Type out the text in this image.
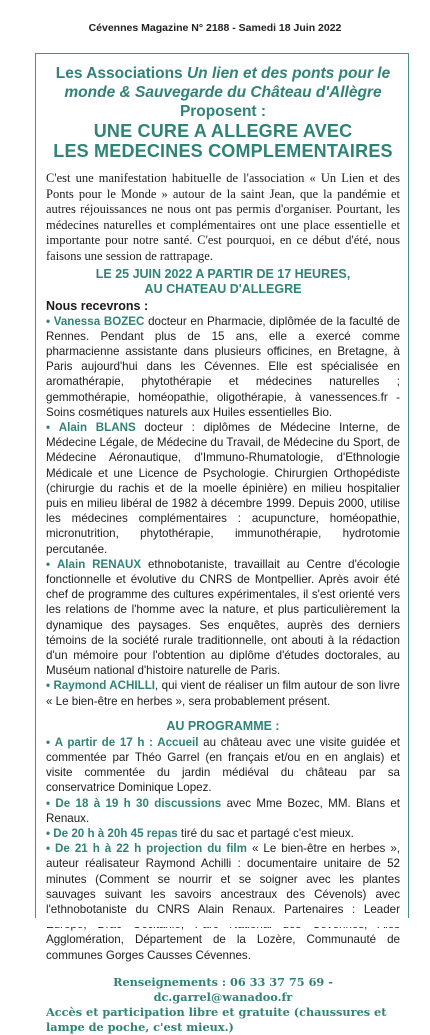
Cévennes Magazine N° 2188 - Samedi 18 Juin 2022
Les Associations Un lien et des ponts pour le
monde & Sauvegarde du Château d'Allègre
Proposent :
UNE CURE A ALLEGRE AVEC
LES MEDECINES COMPLEMENTAIRES
C'est une manifestation habituelle de l'association « Un Lien et des Ponts pour le Monde » autour de la saint Jean, que la pandémie et autres réjouissances ne nous ont pas permis d'organiser. Pourtant, les médecines naturelles et complémentaires ont une place essentielle et importante pour notre santé. C'est pourquoi, en ce début d'été, nous faisons une session de rattrapage.
LE 25 JUIN 2022 A PARTIR DE 17 HEURES,
AU CHATEAU D'ALLEGRE
Nous recevrons :
• Vanessa BOZEC docteur en Pharmacie, diplômée de la faculté de Rennes. Pendant plus de 15 ans, elle a exercé comme pharmacienne assistante dans plusieurs officines, en Bretagne, à Paris aujourd'hui dans les Cévennes. Elle est spécialisée en aromathérapie, phytothérapie et médecines naturelles ; gemmothérapie, homéopathie, oligothérapie, à vanessences.fr - Soins cosmétiques naturels aux Huiles essentielles Bio.
• Alain BLANS docteur : diplômes de Médecine Interne, de Médecine Légale, de Médecine du Travail, de Médecine du Sport, de Médecine Aéronautique, d'Immuno-Rhumatologie, d'Ethnologie Médicale et une Licence de Psychologie. Chirurgien Orthopédiste (chirurgie du rachis et de la moelle épinière) en milieu hospitalier puis en milieu libéral de 1982 à décembre 1999. Depuis 2000, utilise les médecines complémentaires : acupuncture, homéopathie, micronutrition, phytothérapie, immunothérapie, hydrotomie percutanée.
• Alain RENAUX ethnobotaniste, travaillait au Centre d'écologie fonctionnelle et évolutive du CNRS de Montpellier. Après avoir été chef de programme des cultures expérimentales, il s'est orienté vers les relations de l'homme avec la nature, et plus particulièrement la dynamique des paysages. Ses enquêtes, auprès des derniers témoins de la société rurale traditionnelle, ont abouti à la rédaction d'un mémoire pour l'obtention au diplôme d'études doctorales, au Muséum national d'histoire naturelle de Paris.
• Raymond ACHILLI, qui vient de réaliser un film autour de son livre « Le bien-être en herbes », sera probablement présent.
AU PROGRAMME :
• A partir de 17 h : Accueil au château avec une visite guidée et commentée par Théo Garrel (en français et/ou en en anglais) et visite commentée du jardin médiéval du château par sa conservatrice Dominique Lopez.
• De 18 à 19 h 30 discussions avec Mme Bozec, MM. Blans et Renaux.
• De 20 h à 20h 45 repas tiré du sac et partagé c'est mieux.
• De 21 h à 22 h projection du film « Le bien-être en herbes », auteur réalisateur Raymond Achilli : documentaire unitaire de 52 minutes (Comment se nourrir et se soigner avec les plantes sauvages suivant les savoirs ancestraux des Cévenols) avec l'ethnobotaniste du CNRS Alain Renaux. Partenaires : Leader Agglomération, Département de la Lozère, Communauté de communes Gorges Causses Cévennes.
Renseignements : 06 33 37 75 69 - dc.garrel@wanadoo.fr
Accès et participation libre et gratuite (chaussures et lampe de poche, c'est mieux.)
